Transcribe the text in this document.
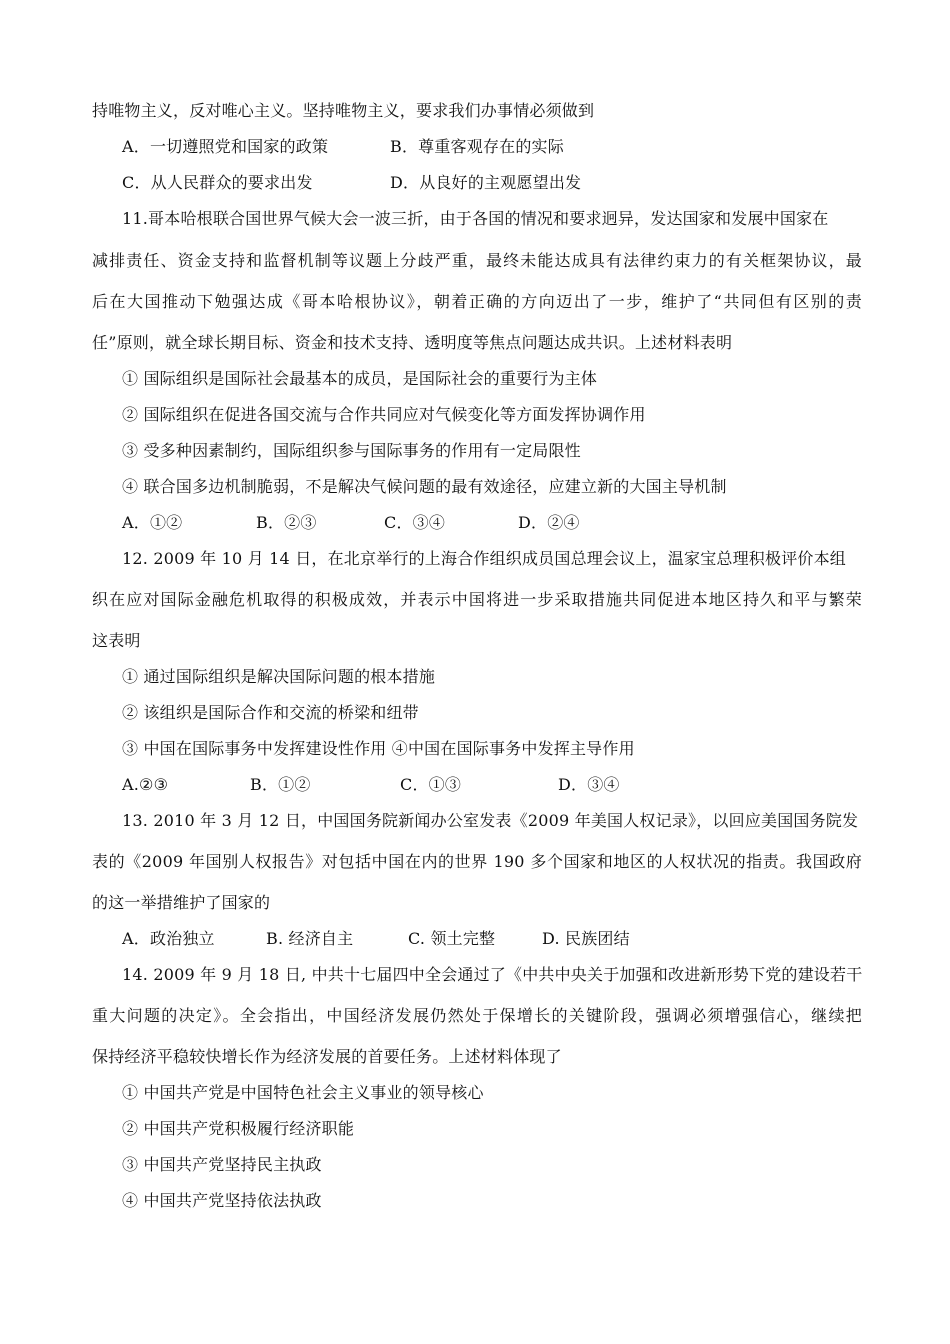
持唯物主义，反对唯心主义。坚持唯物主义，要求我们办事情必须做到
A．一切遵照党和国家的政策	B．尊重客观存在的实际
C．从人民群众的要求出发	D．从良好的主观愿望出发
11.哥本哈根联合国世界气候大会一波三折，由于各国的情况和要求迥异，发达国家和发展中国家在
减排责任、资金支持和监督机制等议题上分歧严重，最终未能达成具有法律约束力的有关框架协议，最
后在大国推动下勉强达成《哥本哈根协议》，朝着正确的方向迈出了一步，维护了“共同但有区别的责
任”原则，就全球长期目标、资金和技术支持、透明度等焦点问题达成共识。上述材料表明
① 国际组织是国际社会最基本的成员，是国际社会的重要行为主体
② 国际组织在促进各国交流与合作共同应对气候变化等方面发挥协调作用
③ 受多种因素制约，国际组织参与国际事务的作用有一定局限性
④ 联合国多边机制脆弱，不是解决气候问题的最有效途径，应建立新的大国主导机制
A．①②	B．②③	C．③④	D．②④
12. 2009 年 10 月 14 日，在北京举行的上海合作组织成员国总理会议上，温家宝总理积极评价本组
织在应对国际金融危机取得的积极成效，并表示中国将进一步采取措施共同促进本地区持久和平与繁荣
这表明
① 通过国际组织是解决国际问题的根本措施
② 该组织是国际合作和交流的桥梁和纽带
③ 中国在国际事务中发挥建设性作用 ④中国在国际事务中发挥主导作用
A.②③	B．①②	C．①③	D．③④
13. 2010 年 3 月 12 日，中国国务院新闻办公室发表《2009 年美国人权记录》，以回应美国国务院发
表的《2009 年国别人权报告》对包括中国在内的世界 190 多个国家和地区的人权状况的指责。我国政府
的这一举措维护了国家的
A．政治独立	B. 经济自主	C. 领土完整	D. 民族团结
14. 2009 年 9 月 18 日, 中共十七届四中全会通过了《中共中央关于加强和改进新形势下党的建设若干
重大问题的决定》。全会指出，中国经济发展仍然处于保增长的关键阶段，强调必须增强信心，继续把
保持经济平稳较快增长作为经济发展的首要任务。上述材料体现了
① 中国共产党是中国特色社会主义事业的领导核心
② 中国共产党积极履行经济职能
③ 中国共产党坚持民主执政
④ 中国共产党坚持依法执政
